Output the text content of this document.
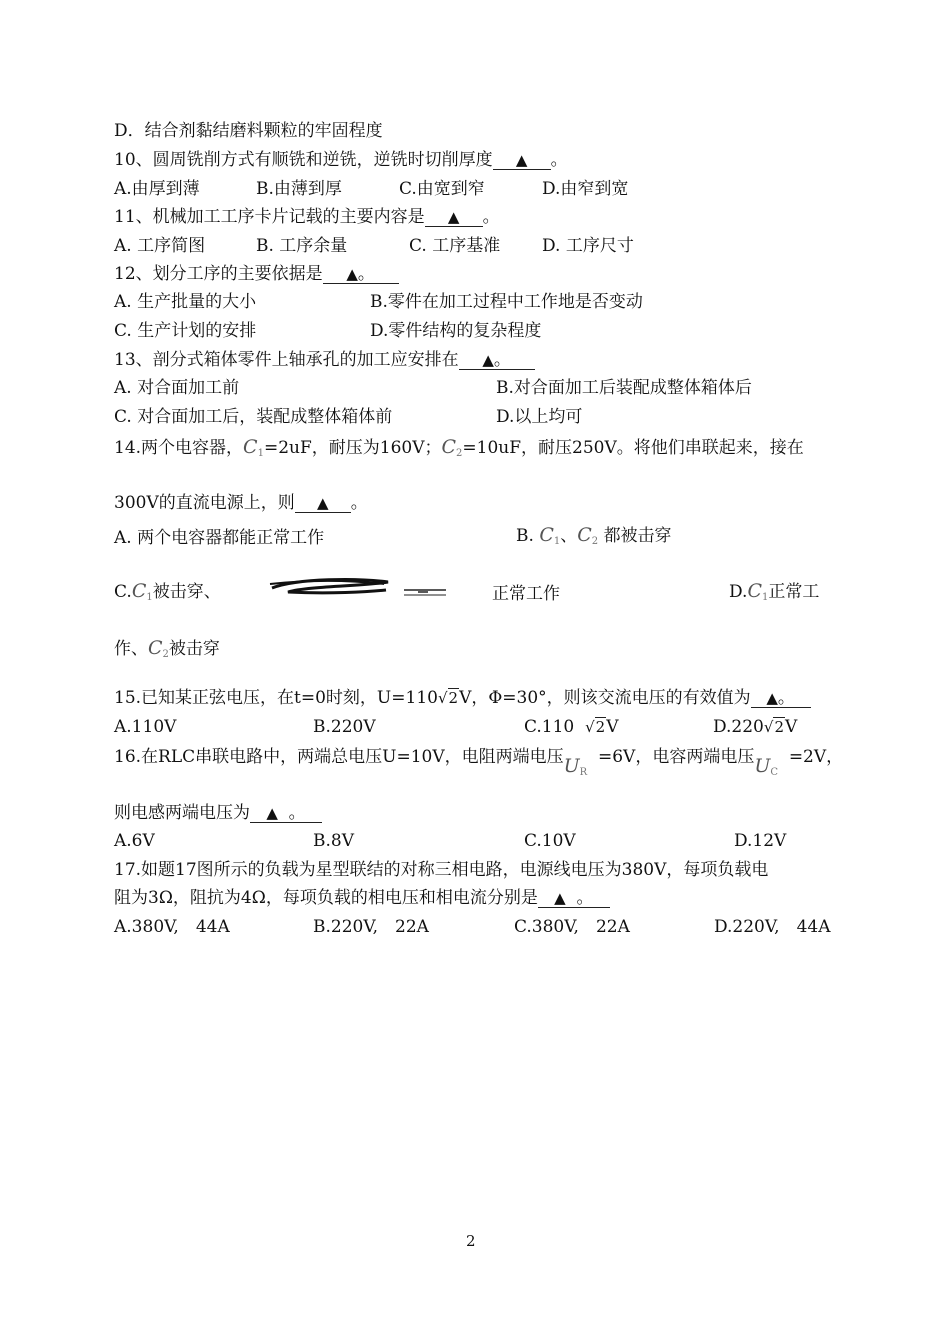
D．结合剂黏结磨料颗粒的牢固程度
10、圆周铣削方式有顺铣和逆铣，逆铣时切削厚度 ▲ 。
A.由厚到薄	B.由薄到厚	C.由宽到窄	D.由窄到宽
11、机械加工工序卡片记载的主要内容是 ▲ 。
A. 工序简图	B. 工序余量	C. 工序基准 D. 工序尺寸
12、划分工序的主要依据是 ▲。
A. 生产批量的大小	B.零件在加工过程中工作地是否变动
C. 生产计划的安排	D.零件结构的复杂程度
13、剖分式箱体零件上轴承孔的加工应安排在 ▲。
A. 对合面加工前	B.对合面加工后装配成整体箱体后
C. 对合面加工后，装配成整体箱体前	D.以上均可
14.两个电容器，C1=2uF，耐压为160V；C2=10uF，耐压250V。将他们串联起来，接在
300V的直流电源上，则 ▲ 。
A. 两个电容器都能正常工作	B. C1、C2 都被击穿
C.C1被击穿、	正常工作	D.C1正常工
作、C2被击穿
15.已知某正弦电压，在t=0时刻，U=110√2V，Φ=30°，则该交流电压的有效值为 ▲。
A.110V	B.220V	C.110 √2V	D.220√2V
16.在RLC串联电路中，两端总电压U=10V，电阻两端电压$U_R =6V$，电容两端电压$U_C =2V$，
则电感两端电压为 ▲ 。
A.6V	B.8V	C.10V	D.12V
17.如题17图所示的负载为星型联结的对称三相电路，电源线电压为380V，每项负载电
阻为3Ω，阻抗为4Ω，每项负载的相电压和相电流分别是 ▲ 。
A.380V,　44A	B.220V,　22A	C.380V,　22A	D.220V,　44A
2
